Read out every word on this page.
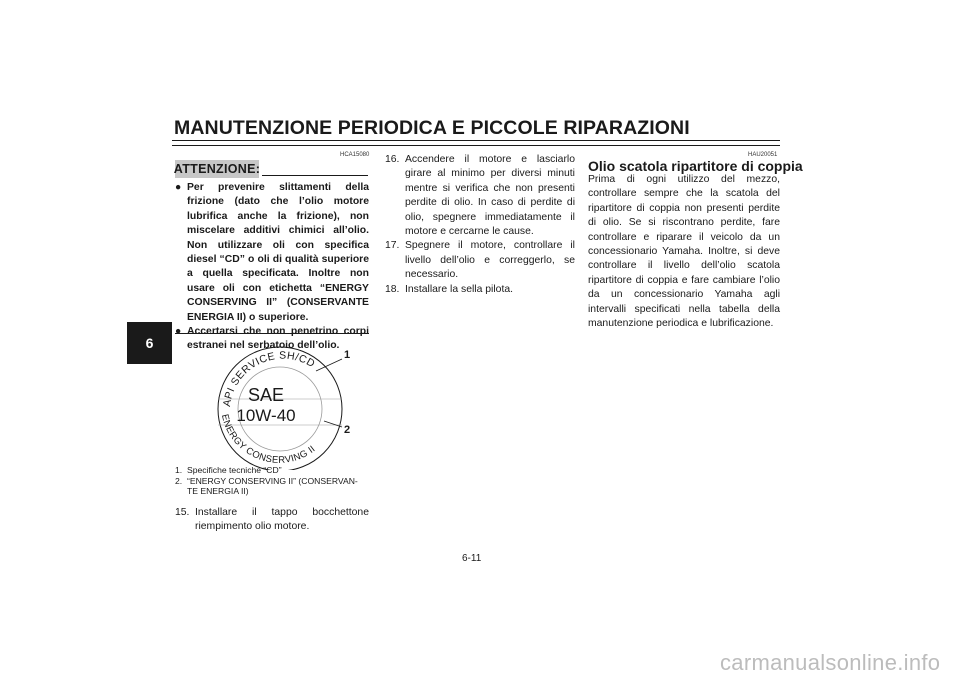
MANUTENZIONE PERIODICA E PICCOLE RIPARAZIONI
6
HCA15080
ATTENZIONE:
● Per prevenire slittamenti della frizione (dato che l’olio motore lubrifica anche la frizione), non miscelare additivi chimici all’olio. Non utilizzare oli con specifica diesel “CD” o oli di qualità superiore a quella specificata. Inoltre non usare oli con etichetta “ENERGY CONSERVING II” (CONSERVANTE ENERGIA II) o superiore.
● Accertarsi che non penetrino corpi estranei nel serbatoio dell’olio.
API SERVICE SH/CD
ENERGY CONSERVING II
SAE
10W-40
1
2
1. Specifiche tecniche “CD”
2. “ENERGY CONSERVING II” (CONSERVAN-
TE ENERGIA II)
15. Installare il tappo bocchettone riempimento olio motore.
16. Accendere il motore e lasciarlo girare al minimo per diversi minuti mentre si verifica che non presenti perdite di olio. In caso di perdite di olio, spegnere immediatamente il motore e cercarne le cause.
17. Spegnere il motore, controllare il livello dell’olio e correggerlo, se necessario.
18. Installare la sella pilota.
HAU20051
Olio scatola ripartitore di coppia
Prima di ogni utilizzo del mezzo, controllare sempre che la scatola del ripartitore di coppia non presenti perdite di olio. Se si riscontrano perdite, fare controllare e riparare il veicolo da un concessionario Yamaha. Inoltre, si deve controllare il livello dell’olio scatola ripartitore di coppia e fare cambiare l’olio da un concessionario Yamaha agli intervalli specificati nella tabella della manutenzione periodica e lubrificazione.
6-11
carmanualsonline.info
